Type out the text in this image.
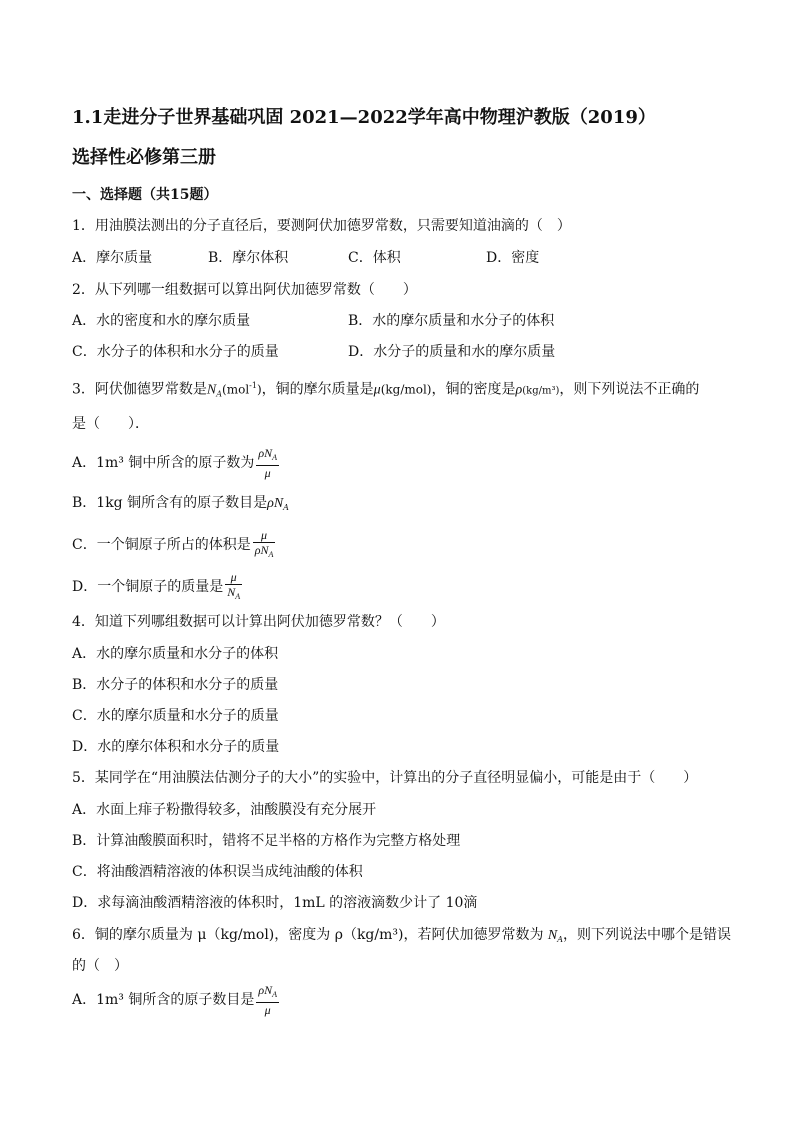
1.1走进分子世界基础巩固 2021—2022学年高中物理沪教版（2019）
选择性必修第三册
一、选择题（共15题）
1．用油膜法测出的分子直径后，要测阿伏加德罗常数，只需要知道油滴的（　）
A．摩尔质量	B．摩尔体积	C．体积	D．密度
2．从下列哪一组数据可以算出阿伏加德罗常数（　　）
A．水的密度和水的摩尔质量	B．水的摩尔质量和水分子的体积
C．水分子的体积和水分子的质量	D．水分子的质量和水的摩尔质量
3．阿伏伽德罗常数是$N_A(mol^{-1})$，铜的摩尔质量是μ(kg/mol)，铜的密度是ρ(kg/m³)，则下列说法不正确的
是（　　）．
A．1m³ 铜中所含的原子数为 $\frac{\rho N_A}{\mu}$
B．1kg 铜所含有的原子数目是$\rho N_A$
C．一个铜原子所占的体积是 $\frac{\mu}{\rho N_A}$
D．一个铜原子的质量是 $\frac{\mu}{N_A}$
4．知道下列哪组数据可以计算出阿伏加德罗常数？（　　）
A．水的摩尔质量和水分子的体积
B．水分子的体积和水分子的质量
C．水的摩尔质量和水分子的质量
D．水的摩尔体积和水分子的质量
5．某同学在“用油膜法估测分子的大小”的实验中，计算出的分子直径明显偏小，可能是由于（　　）
A．水面上痱子粉撒得较多，油酸膜没有充分展开
B．计算油酸膜面积时，错将不足半格的方格作为完整方格处理
C．将油酸酒精溶液的体积误当成纯油酸的体积
D．求每滴油酸酒精溶液的体积时，1mL 的溶液滴数少计了 10滴
6．铜的摩尔质量为 μ（kg/mol)，密度为 ρ（kg/m³)，若阿伏加德罗常数为 $N_A$，则下列说法中哪个是错误
的（　）
A．1m³ 铜所含的原子数目是 $\frac{\rho N_A}{\mu}$
